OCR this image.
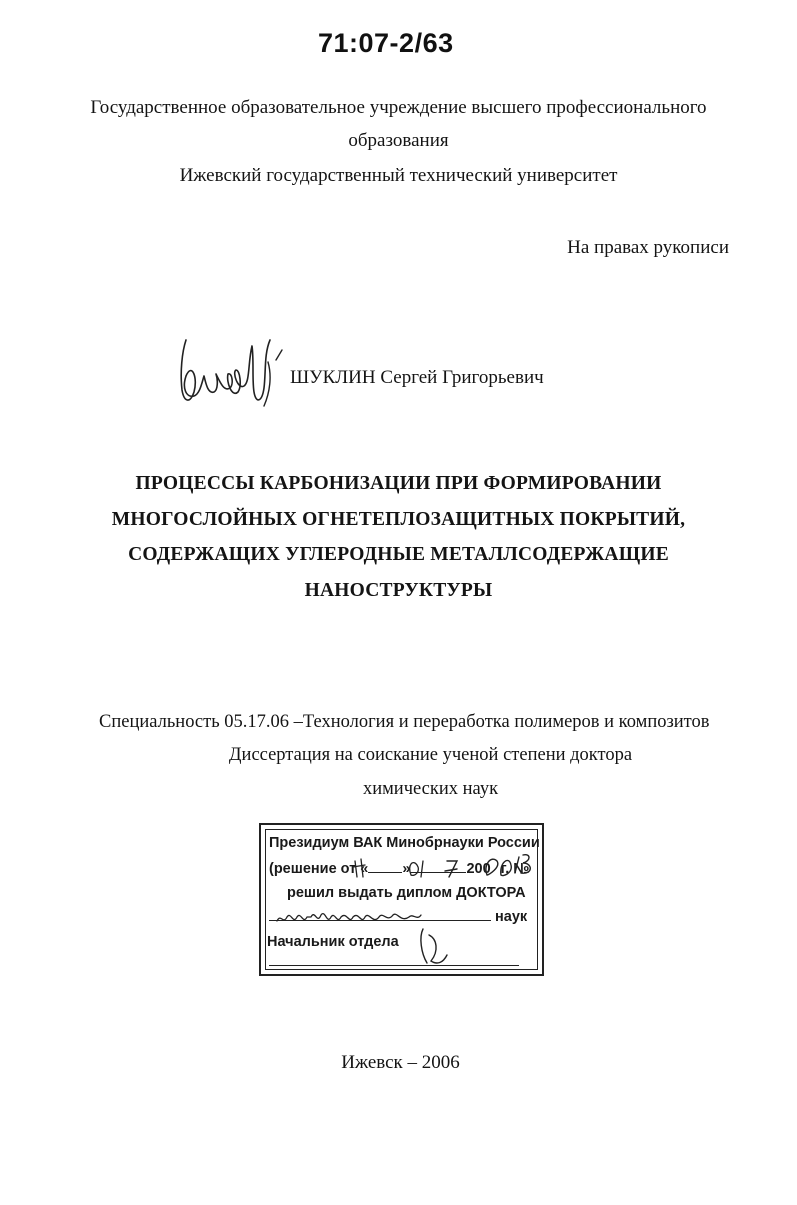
71:07-2/63
Государственное образовательное учреждение высшего профессионального
образования
Ижевский государственный технический университет
На правах рукописи
ШУКЛИН Сергей Григорьевич
ПРОЦЕССЫ КАРБОНИЗАЦИИ ПРИ ФОРМИРОВАНИИ
МНОГОСЛОЙНЫХ ОГНЕТЕПЛОЗАЩИТНЫХ ПОКРЫТИЙ,
СОДЕРЖАЩИХ УГЛЕРОДНЫЕ МЕТАЛЛСОДЕРЖАЩИЕ
НАНОСТРУКТУРЫ
Специальность 05.17.06 –Технология и переработка полимеров и композитов
Диссертация на соискание ученой степени доктора
химических наук
Президиум ВАК Минобрнауки России
(решение от « »	200 г. №
решил выдать диплом ДОКТОРА
наук
Начальник отдела
Ижевск – 2006
